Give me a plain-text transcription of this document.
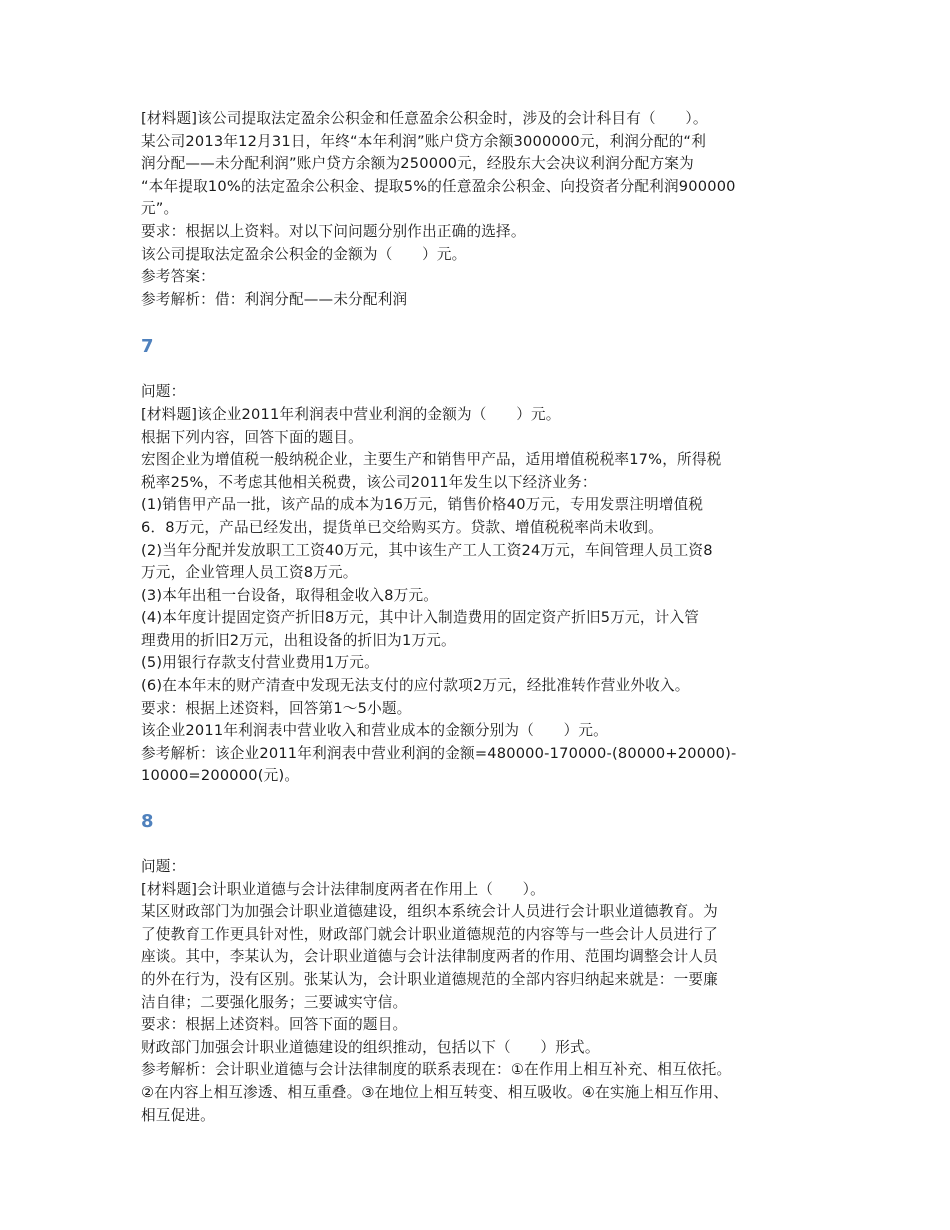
[材料题]该公司提取法定盈余公积金和任意盈余公积金时，涉及的会计科目有（　　）。
某公司2013年12月31日，年终“本年利润”账户贷方余额3000000元，利润分配的“利
润分配——未分配利润”账户贷方余额为250000元，经股东大会决议利润分配方案为
“本年提取10%的法定盈余公积金、提取5%的任意盈余公积金、向投资者分配利润900000
元”。
要求：根据以上资料。对以下问问题分别作出正确的选择。
该公司提取法定盈余公积金的金额为（　　）元。
参考答案：
参考解析：借：利润分配——未分配利润
7
问题：
[材料题]该企业2011年利润表中营业利润的金额为（　　）元。
根据下列内容，回答下面的题目。
宏图企业为增值税一般纳税企业，主要生产和销售甲产品，适用增值税税率17%，所得税
税率25%，不考虑其他相关税费，该公司2011年发生以下经济业务：
(1)销售甲产品一批，该产品的成本为16万元，销售价格40万元，专用发票注明增值税
6．8万元，产品已经发出，提货单已交给购买方。贷款、增值税税率尚未收到。
(2)当年分配并发放职工工资40万元，其中该生产工人工资24万元，车间管理人员工资8
万元，企业管理人员工资8万元。
(3)本年出租一台设备，取得租金收入8万元。
(4)本年度计提固定资产折旧8万元，其中计入制造费用的固定资产折旧5万元，计入管
理费用的折旧2万元，出租设备的折旧为1万元。
(5)用银行存款支付营业费用1万元。
(6)在本年末的财产清查中发现无法支付的应付款项2万元，经批准转作营业外收入。
要求：根据上述资料，回答第1～5小题。
该企业2011年利润表中营业收入和营业成本的金额分别为（　　）元。
参考解析：该企业2011年利润表中营业利润的金额=480000-170000-(80000+20000)-
10000=200000(元)。
8
问题：
[材料题]会计职业道德与会计法律制度两者在作用上（　　）。
某区财政部门为加强会计职业道德建设，组织本系统会计人员进行会计职业道德教育。为
了使教育工作更具针对性，财政部门就会计职业道德规范的内容等与一些会计人员进行了
座谈。其中，李某认为，会计职业道德与会计法律制度两者的作用、范围均调整会计人员
的外在行为，没有区别。张某认为，会计职业道德规范的全部内容归纳起来就是：一要廉
洁自律；二要强化服务；三要诚实守信。
要求：根据上述资料。回答下面的题目。
财政部门加强会计职业道德建设的组织推动，包括以下（　　）形式。
参考解析：会计职业道德与会计法律制度的联系表现在：①在作用上相互补充、相互依托。
②在内容上相互渗透、相互重叠。③在地位上相互转变、相互吸收。④在实施上相互作用、
相互促进。
